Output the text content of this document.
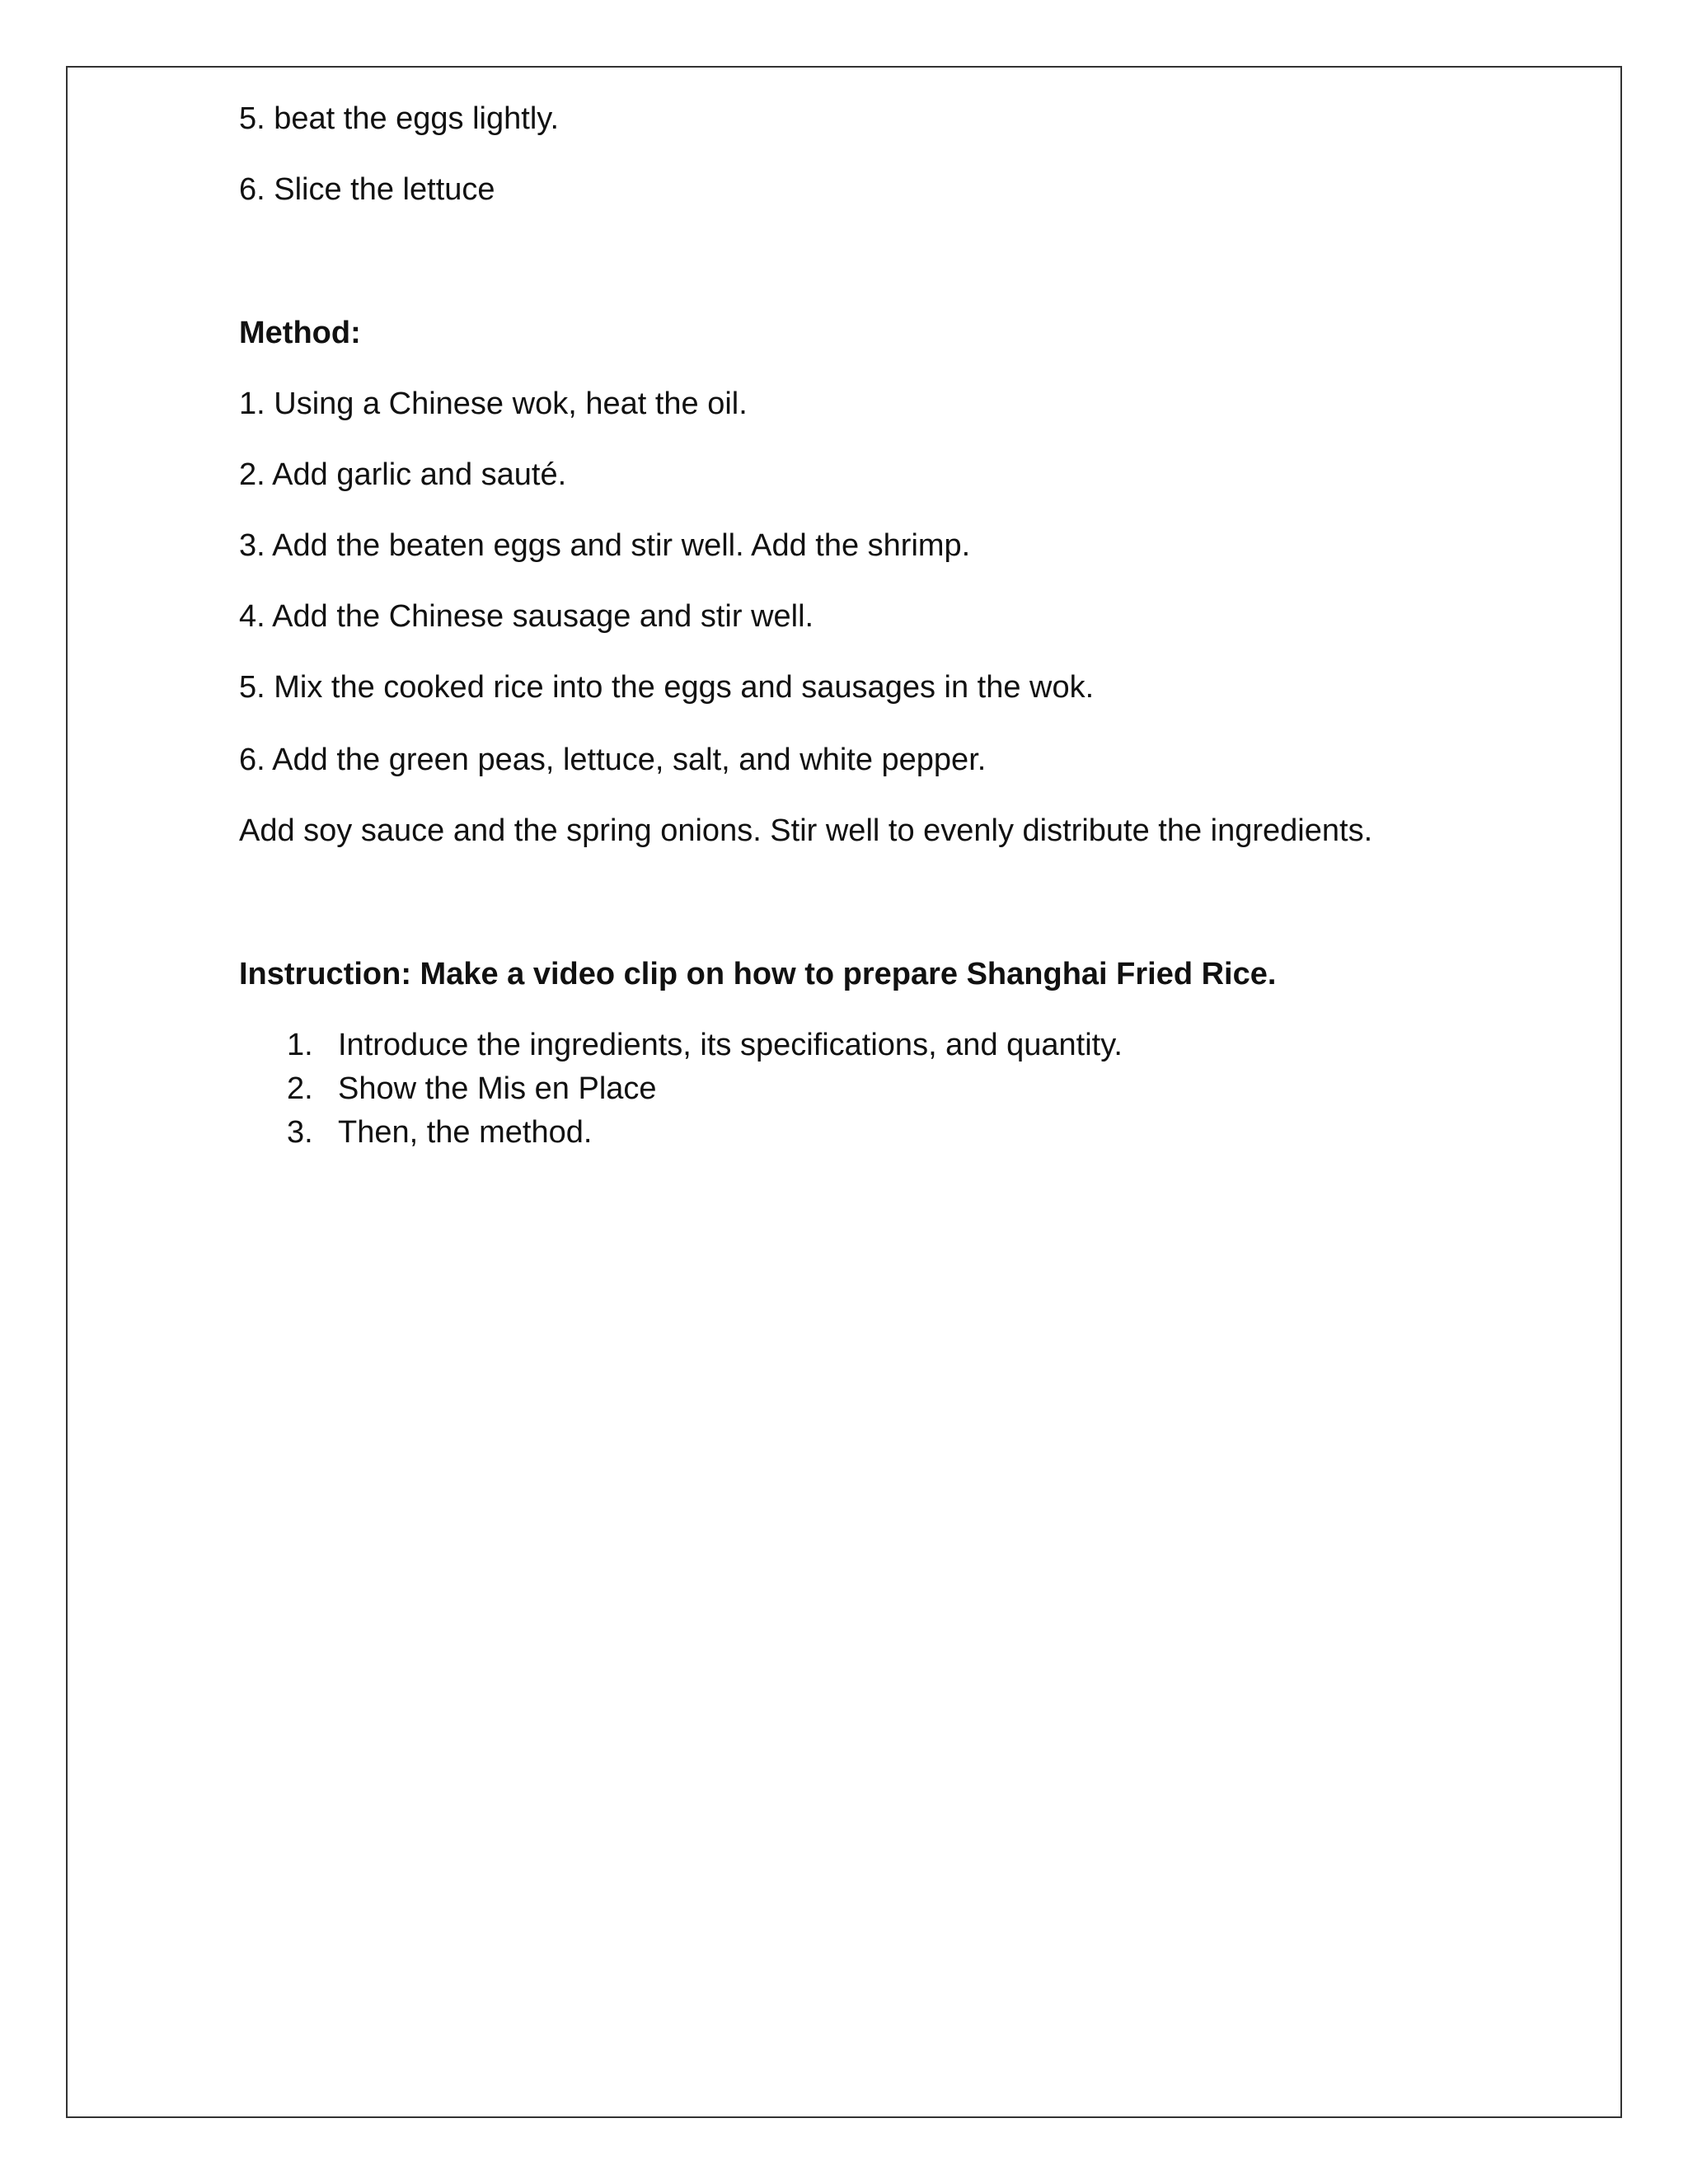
5. beat the eggs lightly.
6. Slice the lettuce
Method:
1. Using a Chinese wok, heat the oil.
2. Add garlic and sauté.
3. Add the beaten eggs and stir well. Add the shrimp.
4. Add the Chinese sausage and stir well.
5. Mix the cooked rice into the eggs and sausages in the wok.
6. Add the green peas, lettuce, salt, and white pepper.
Add soy sauce and the spring onions. Stir well to evenly distribute the ingredients.
Instruction: Make a video clip on how to prepare Shanghai Fried Rice.
1. Introduce the ingredients, its specifications, and quantity.
2. Show the Mis en Place
3. Then, the method.
